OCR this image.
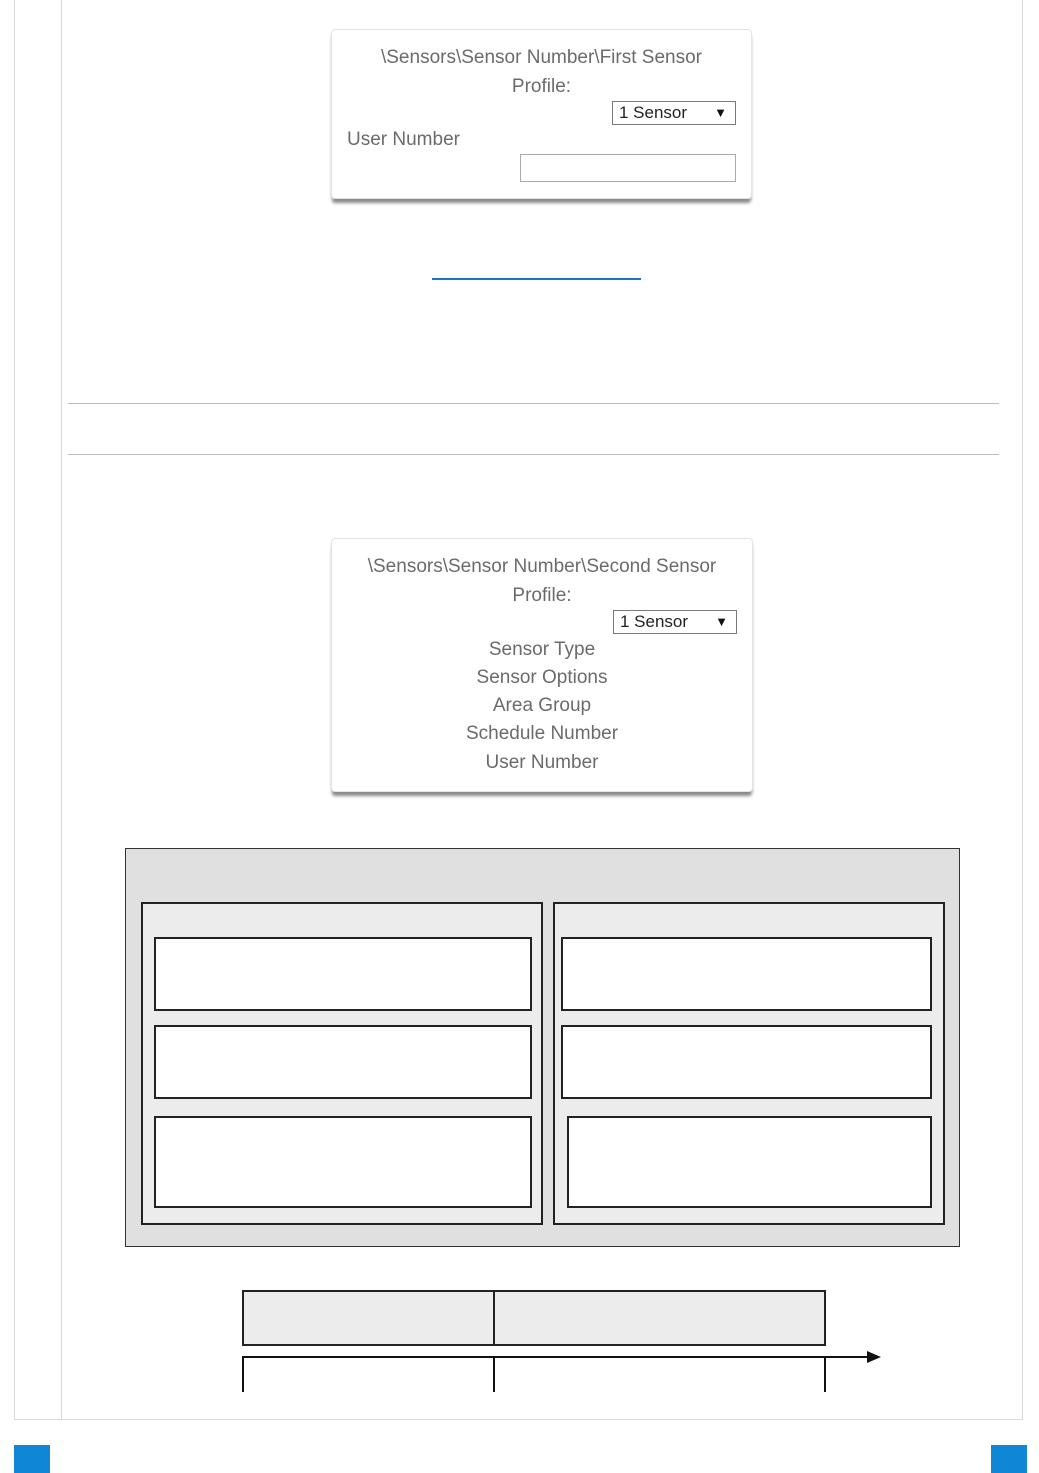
\Sensors\Sensor Number\First Sensor
Profile:
1 Sensor ▼
User Number
\Sensors\Sensor Number\Second Sensor
Profile:
1 Sensor ▼
Sensor Type
Sensor Options
Area Group
Schedule Number
User Number
